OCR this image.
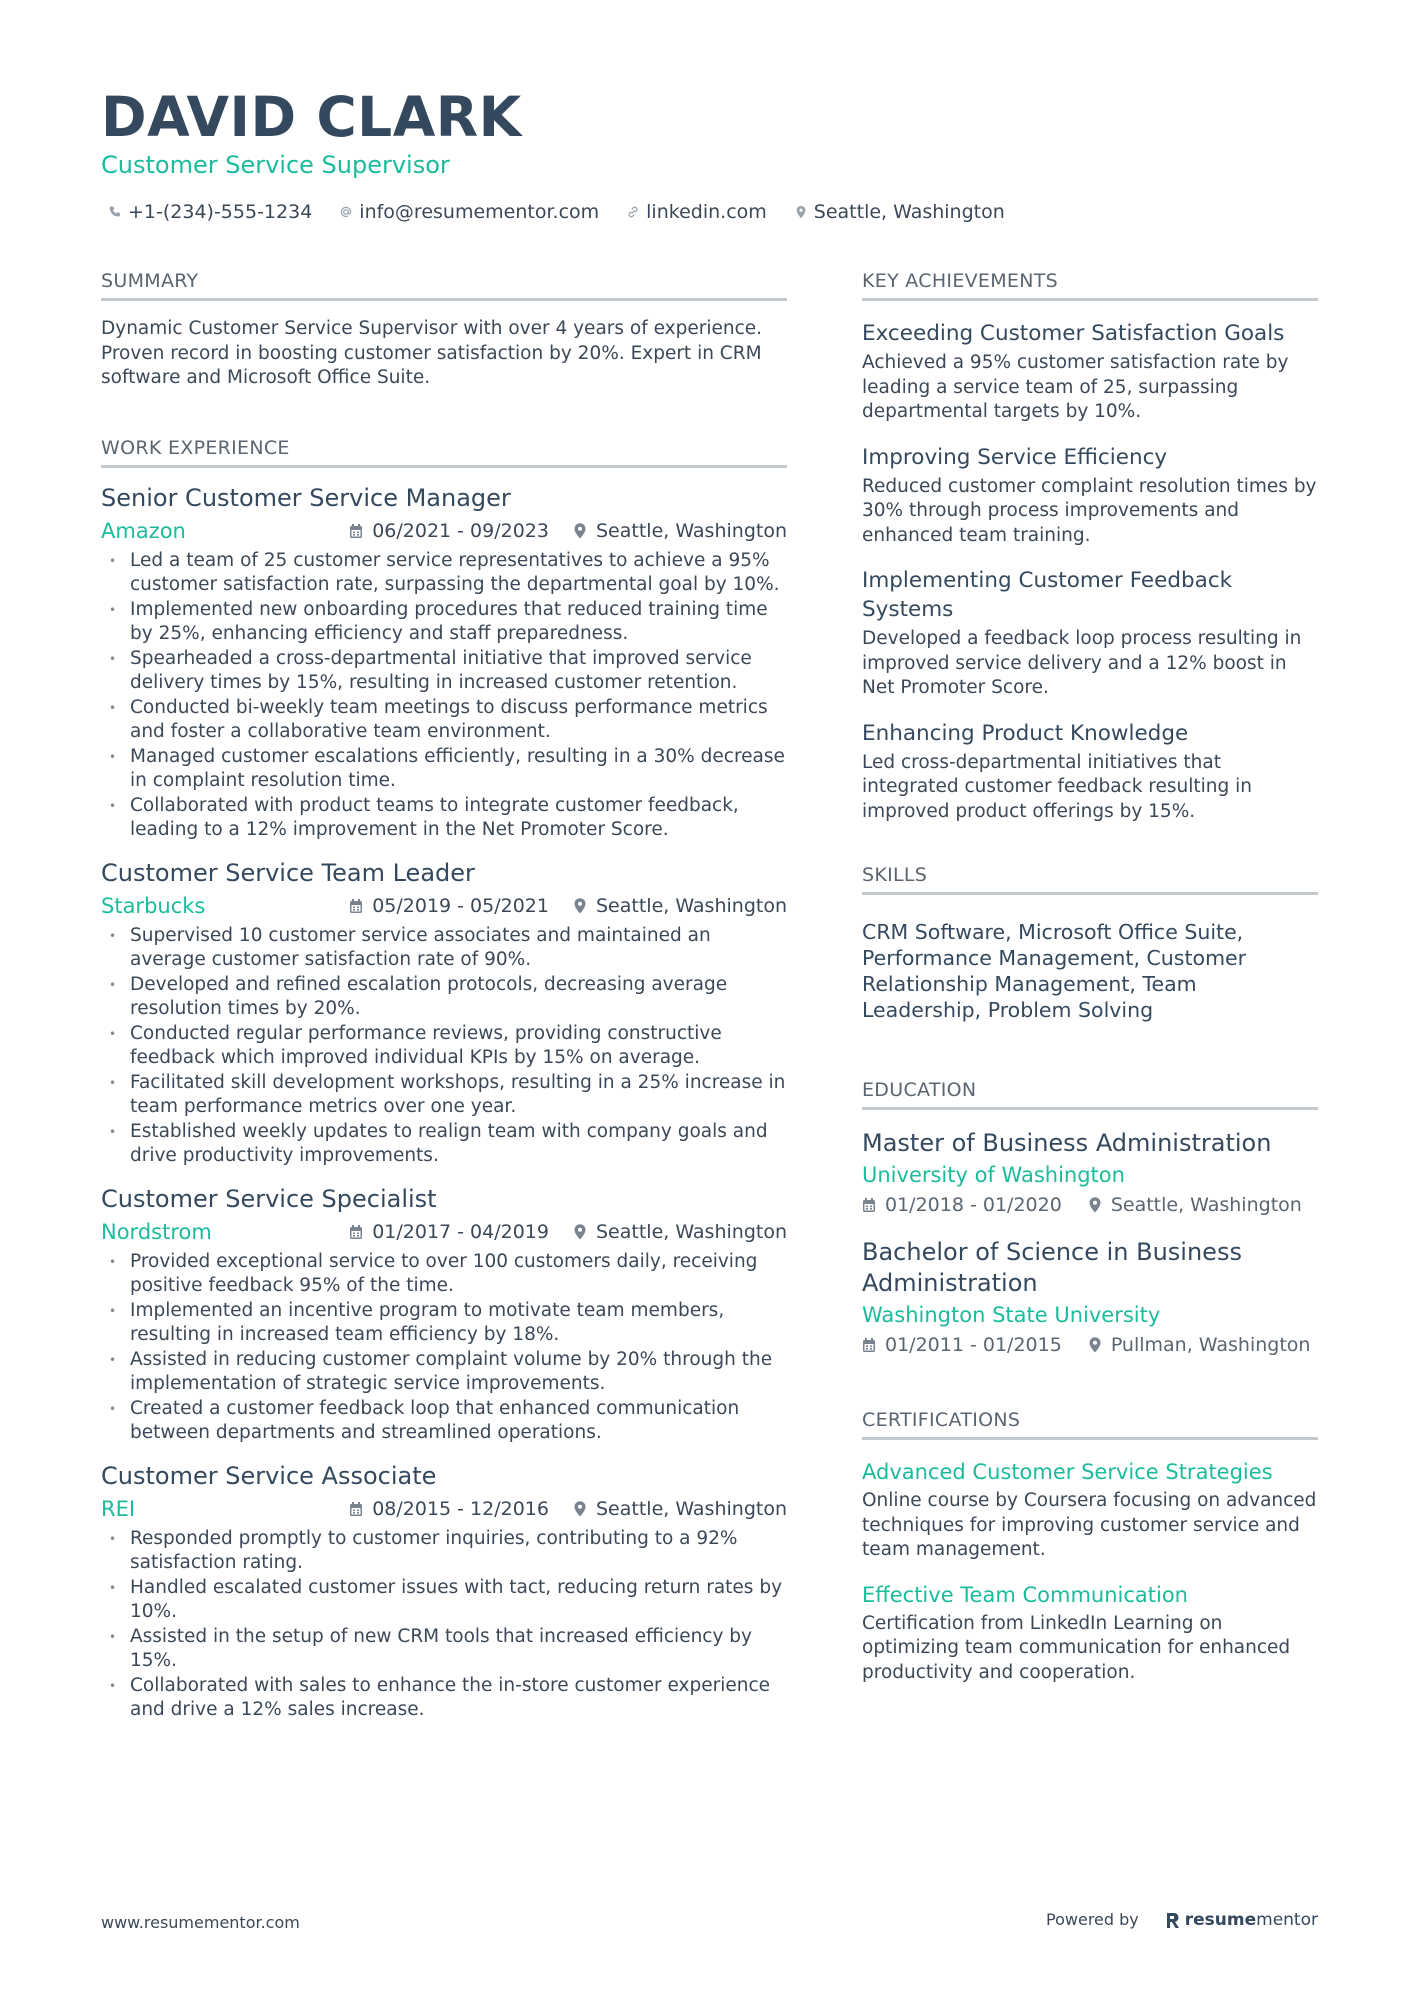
DAVID CLARK
Customer Service Supervisor
+1-(234)-555-1234 info@resumementor.com linkedin.com Seattle, Washington
SUMMARY

Dynamic Customer Service Supervisor with over 4 years of experience. Proven record in boosting customer satisfaction by 20%. Expert in CRM software and Microsoft Office Suite.

WORK EXPERIENCE
Senior Customer Service Manager
Amazon	06/2021 - 09/2023 Seattle, Washington
• Led a team of 25 customer service representatives to achieve a 95% customer satisfaction rate, surpassing the departmental goal by 10%.
• Implemented new onboarding procedures that reduced training time by 25%, enhancing efficiency and staff preparedness.
• Spearheaded a cross-departmental initiative that improved service delivery times by 15%, resulting in increased customer retention.
• Conducted bi-weekly team meetings to discuss performance metrics and foster a collaborative team environment.
• Managed customer escalations efficiently, resulting in a 30% decrease in complaint resolution time.
• Collaborated with product teams to integrate customer feedback, leading to a 12% improvement in the Net Promoter Score.
Customer Service Team Leader
Starbucks	05/2019 - 05/2021 Seattle, Washington
• Supervised 10 customer service associates and maintained an average customer satisfaction rate of 90%.
• Developed and refined escalation protocols, decreasing average resolution times by 20%.
• Conducted regular performance reviews, providing constructive feedback which improved individual KPIs by 15% on average.
• Facilitated skill development workshops, resulting in a 25% increase in team performance metrics over one year.
• Established weekly updates to realign team with company goals and drive productivity improvements.
Customer Service Specialist
Nordstrom	01/2017 - 04/2019 Seattle, Washington
• Provided exceptional service to over 100 customers daily, receiving positive feedback 95% of the time.
• Implemented an incentive program to motivate team members, resulting in increased team efficiency by 18%.
• Assisted in reducing customer complaint volume by 20% through the implementation of strategic service improvements.
• Created a customer feedback loop that enhanced communication between departments and streamlined operations.
Customer Service Associate
REI	08/2015 - 12/2016 Seattle, Washington
• Responded promptly to customer inquiries, contributing to a 92% satisfaction rating.
• Handled escalated customer issues with tact, reducing return rates by 10%.
• Assisted in the setup of new CRM tools that increased efficiency by 15%.
• Collaborated with sales to enhance the in-store customer experience and drive a 12% sales increase.
KEY ACHIEVEMENTS
Exceeding Customer Satisfaction Goals
Achieved a 95% customer satisfaction rate by leading a service team of 25, surpassing departmental targets by 10%.
Improving Service Efficiency
Reduced customer complaint resolution times by 30% through process improvements and enhanced team training.
Implementing Customer Feedback Systems
Developed a feedback loop process resulting in improved service delivery and a 12% boost in Net Promoter Score.
Enhancing Product Knowledge
Led cross-departmental initiatives that integrated customer feedback resulting in improved product offerings by 15%.
SKILLS

CRM Software, Microsoft Office Suite, Performance Management, Customer Relationship Management, Team Leadership, Problem Solving

EDUCATION
Master of Business Administration
University of Washington
01/2018 - 01/2020	Seattle, Washington
Bachelor of Science in Business Administration
Washington State University
01/2011 - 01/2015	Pullman, Washington
CERTIFICATIONS
Advanced Customer Service Strategies
Online course by Coursera focusing on advanced techniques for improving customer service and team management.
Effective Team Communication
Certification from LinkedIn Learning on optimizing team communication for enhanced productivity and cooperation.
www.resumementor.com	Powered by	resume mentor
